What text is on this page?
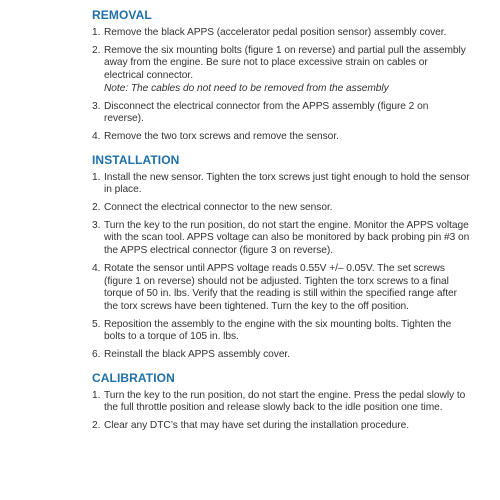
REMOVAL
1. Remove the black APPS (accelerator pedal position sensor) assembly cover.
2. Remove the six mounting bolts (figure 1 on reverse) and partial pull the assembly away from the engine. Be sure not to place excessive strain on cables or electrical connector.
Note: The cables do not need to be removed from the assembly
3. Disconnect the electrical connector from the APPS assembly (figure 2 on reverse).
4. Remove the two torx screws and remove the sensor.
INSTALLATION
1. Install the new sensor. Tighten the torx screws just tight enough to hold the sensor in place.
2. Connect the electrical connector to the new sensor.
3. Turn the key to the run position, do not start the engine. Monitor the APPS voltage with the scan tool. APPS voltage can also be monitored by back probing pin #3 on the APPS electrical connector (figure 3 on reverse).
4. Rotate the sensor until APPS voltage reads 0.55V +/– 0.05V. The set screws (figure 1 on reverse) should not be adjusted. Tighten the torx screws to a final torque of 50 in. lbs. Verify that the reading is still within the specified range after the torx screws have been tightened. Turn the key to the off position.
5. Reposition the assembly to the engine with the six mounting bolts. Tighten the bolts to a torque of 105 in. lbs.
6. Reinstall the black APPS assembly cover.
CALIBRATION
1. Turn the key to the run position, do not start the engine. Press the pedal slowly to the full throttle position and release slowly back to the idle position one time.
2. Clear any DTC’s that may have set during the installation procedure.
